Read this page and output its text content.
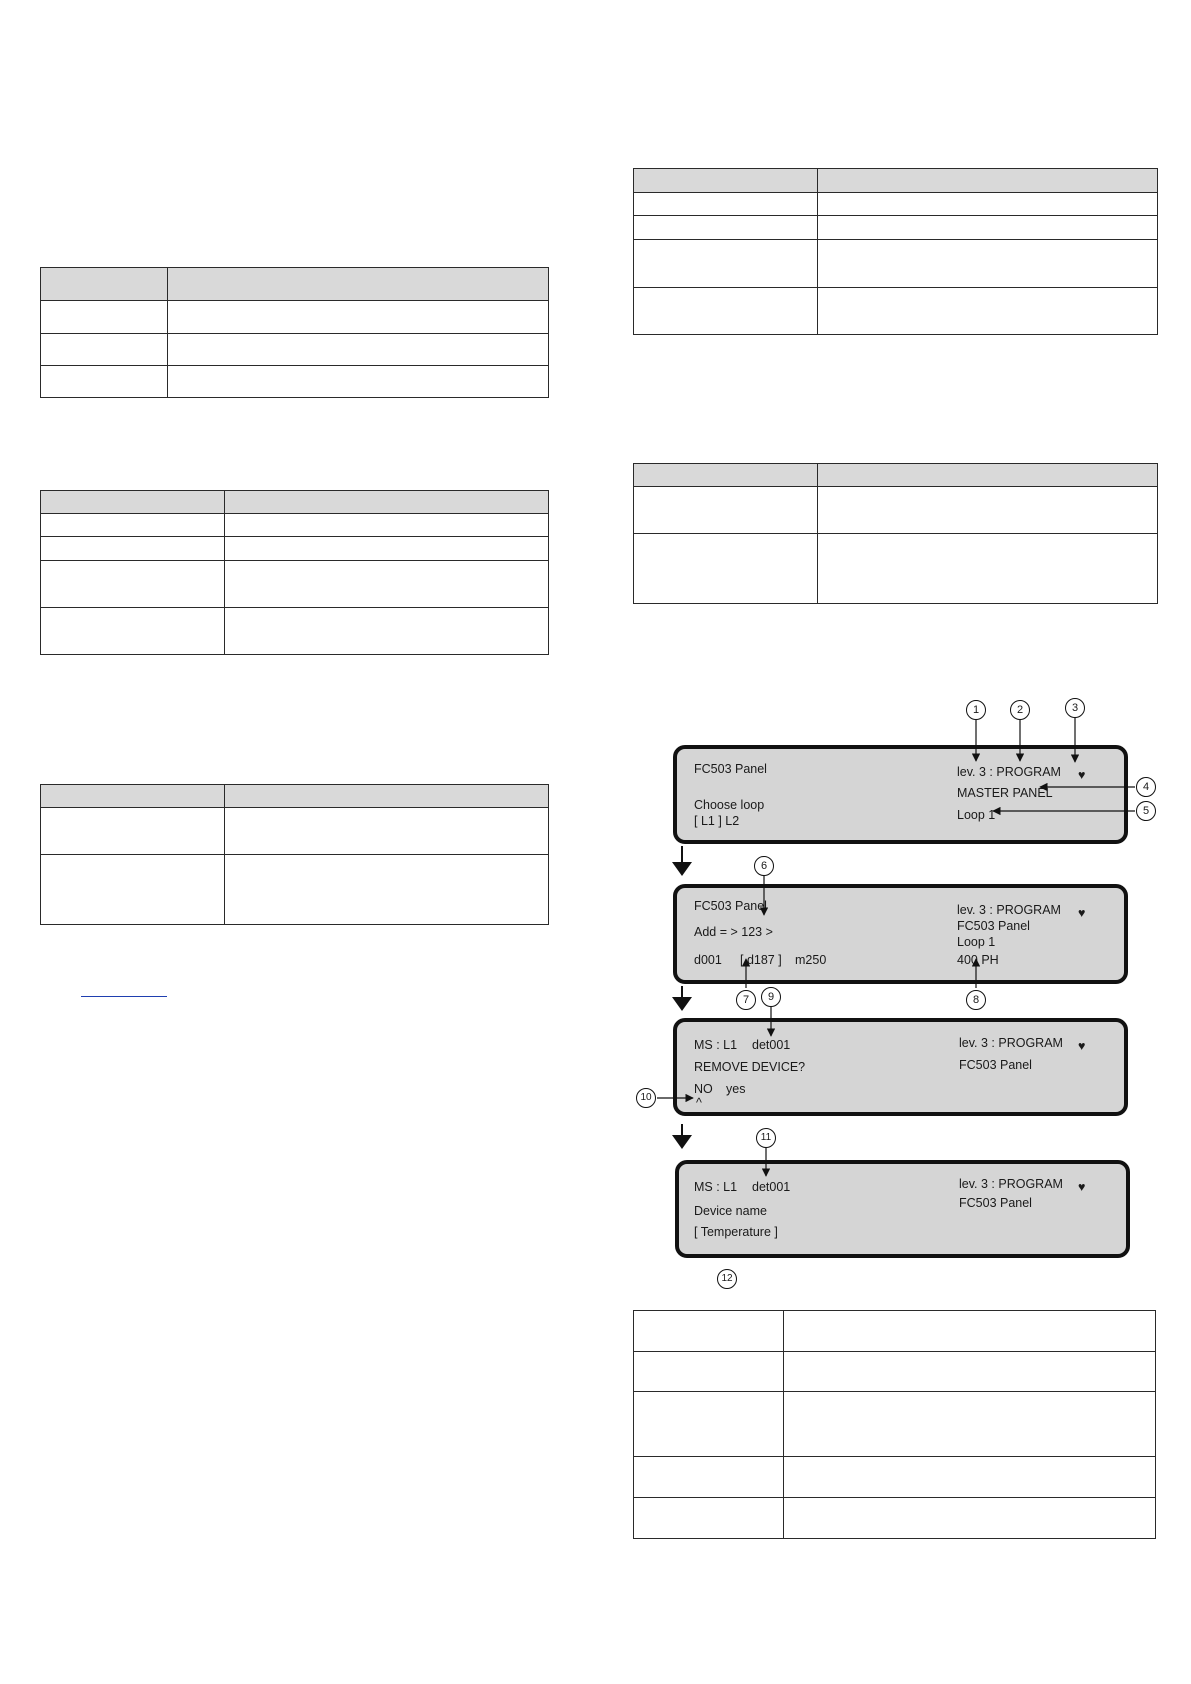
FC503 Panel	lev. 3 : PROGRAM ♥
MASTER PANEL
Choose loop
Loop 1
[ L1 ] L2
FC503 Panel	lev. 3 : PROGRAM ♥
Add = > 123 >	FC503 Panel
Loop 1
d001 [ d187 ] m250	400 PH
MS : L1 det001	lev. 3 : PROGRAM ♥
REMOVE DEVICE?	FC503 Panel
NO yes
^
MS : L1 det001	lev. 3 : PROGRAM ♥
Device name
FC503 Panel
[ Temperature ]
1	2	3
4
5
6
7	8
9
10
11
12
